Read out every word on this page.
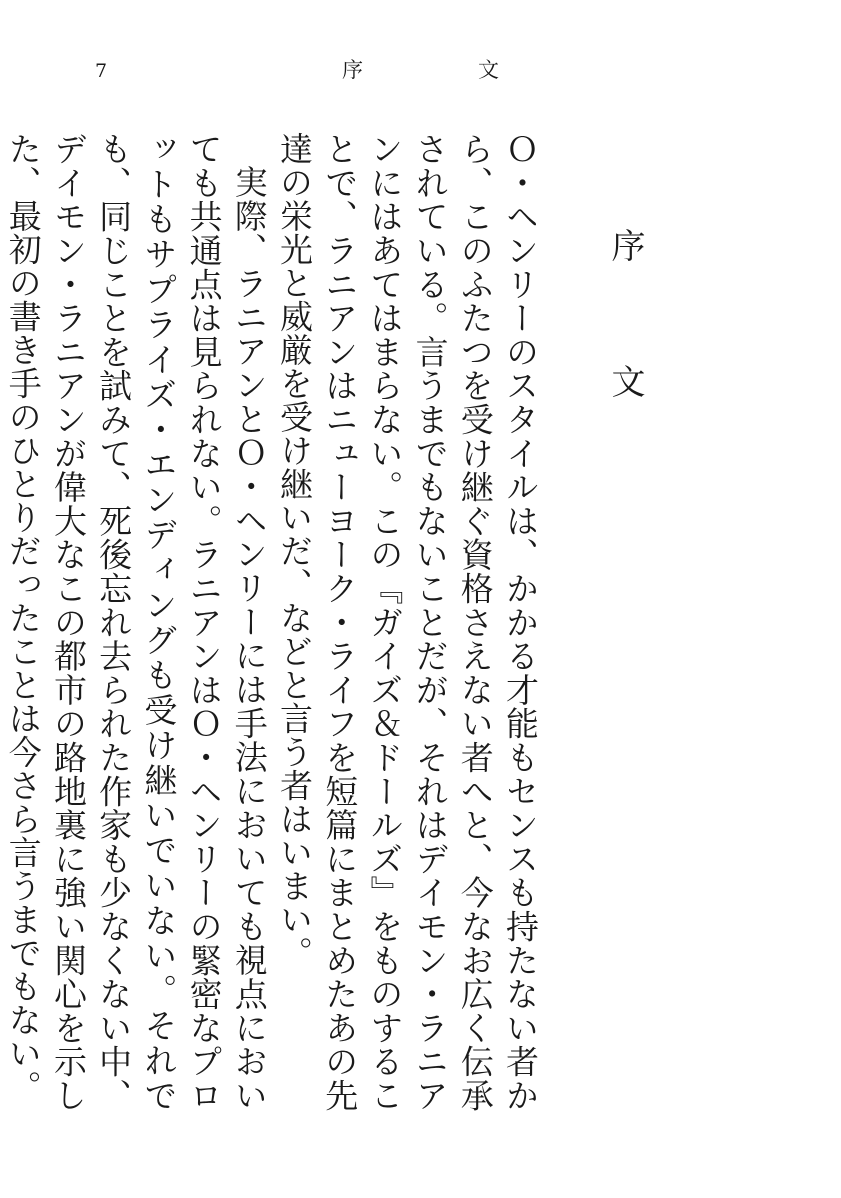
7	序	文
序　文

Ｏ・ヘンリーのスタイルは、かかる才能もセンスも持たない者から、このふたつを受け継ぐ資格さえない者へと、今なお広く伝承されている。言うまでもないことだが、それはデイモン・ラニアンにはあてはまらない。この『ガイズ＆ドールズ』をものすることで、ラニアンはニューヨーク・ライフを短篇にまとめたあの先達の栄光と威厳を受け継いだ、などと言う者はいまい。

実際、ラニアンとＯ・ヘンリーには手法においても視点においても共通点は見られない。ラニアンはＯ・ヘンリーの緊密なプロットもサプライズ・エンディングも受け継いでいない。それでも、同じことを試みて、死後忘れ去られた作家も少なくない中、デイモン・ラニアンが偉大なこの都市の路地裏に強い関心を示した、最初の書き手のひとりだったことは今さら言うまでもない。
